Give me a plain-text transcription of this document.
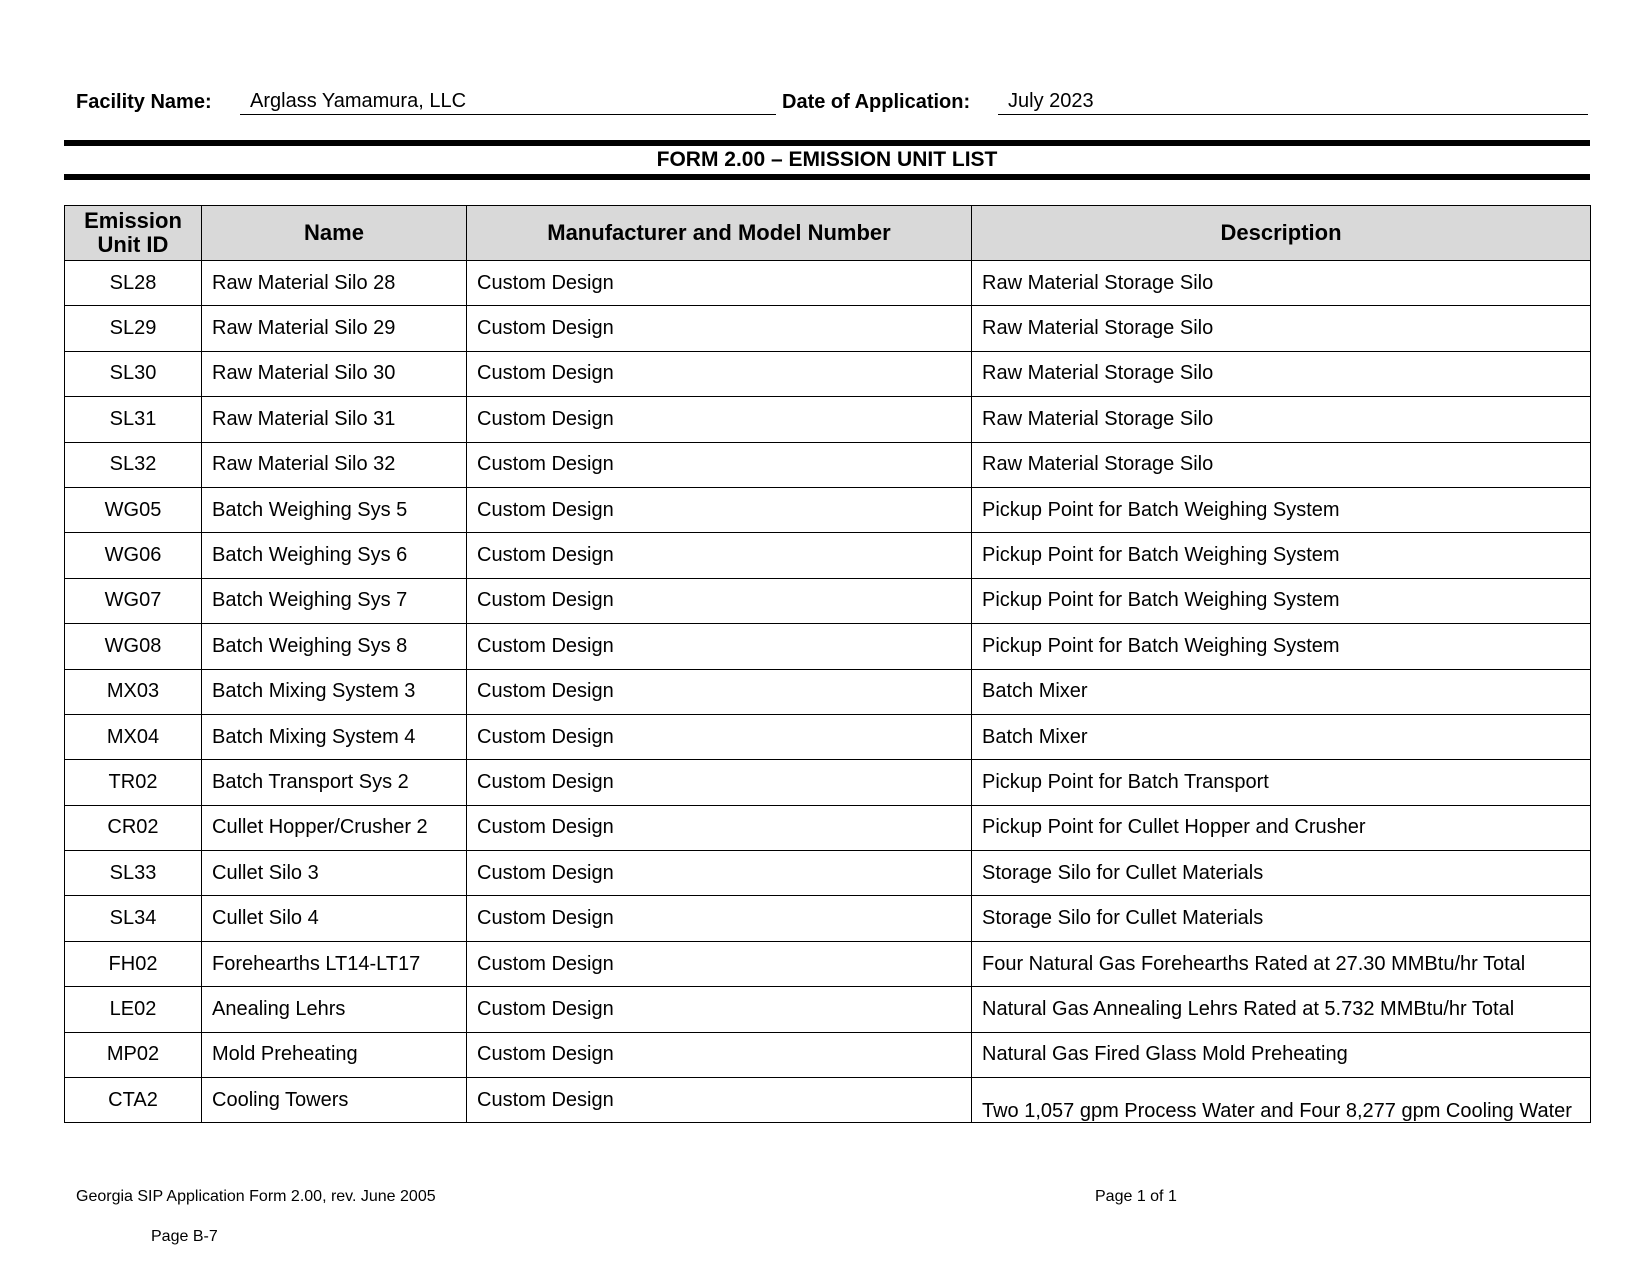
Facility Name:	Arglass Yamamura, LLC	Date of Application:	July 2023
FORM 2.00 – EMISSION UNIT LIST
Emission
Unit ID	Name	Manufacturer and Model Number	Description
SL28	Raw Material Silo 28	Custom Design	Raw Material Storage Silo
SL29	Raw Material Silo 29	Custom Design	Raw Material Storage Silo
SL30	Raw Material Silo 30	Custom Design	Raw Material Storage Silo
SL31	Raw Material Silo 31	Custom Design	Raw Material Storage Silo
SL32	Raw Material Silo 32	Custom Design	Raw Material Storage Silo
WG05	Batch Weighing Sys 5	Custom Design	Pickup Point for Batch Weighing System
WG06	Batch Weighing Sys 6	Custom Design	Pickup Point for Batch Weighing System
WG07	Batch Weighing Sys 7	Custom Design	Pickup Point for Batch Weighing System
WG08	Batch Weighing Sys 8	Custom Design	Pickup Point for Batch Weighing System
MX03	Batch Mixing System 3	Custom Design	Batch Mixer
MX04	Batch Mixing System 4	Custom Design	Batch Mixer
TR02	Batch Transport Sys 2	Custom Design	Pickup Point for Batch Transport
CR02	Cullet Hopper/Crusher 2	Custom Design	Pickup Point for Cullet Hopper and Crusher
SL33	Cullet Silo 3	Custom Design	Storage Silo for Cullet Materials
SL34	Cullet Silo 4	Custom Design	Storage Silo for Cullet Materials
FH02	Forehearths LT14-LT17	Custom Design	Four Natural Gas Forehearths Rated at 27.30 MMBtu/hr Total
LE02	Anealing Lehrs	Custom Design	Natural Gas Annealing Lehrs Rated at 5.732 MMBtu/hr Total
MP02	Mold Preheating	Custom Design	Natural Gas Fired Glass Mold Preheating
CTA2	Cooling Towers	Custom Design	Two 1,057 gpm Process Water and Four 8,277 gpm Cooling Water
Georgia SIP Application Form 2.00, rev. June 2005	Page 1 of 1
Page B-7
